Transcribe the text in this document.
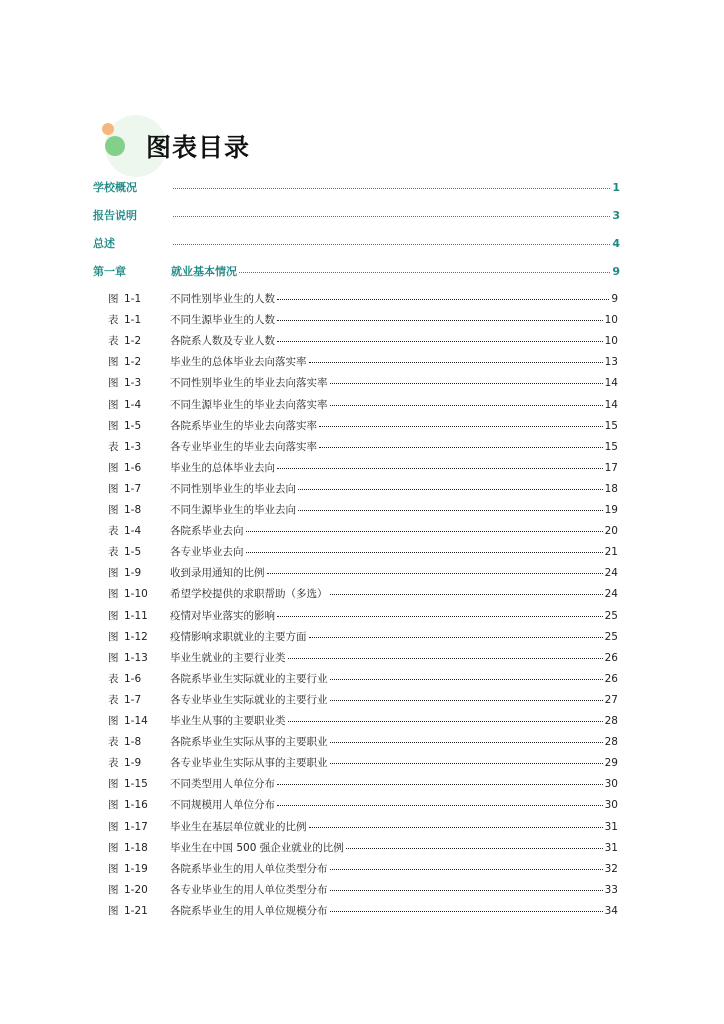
图表目录
学校概况	1
报告说明	3
总述	4
第一章	就业基本情况	9
图 1-1	不同性别毕业生的人数	9
表 1-1	不同生源毕业生的人数	10
表 1-2	各院系人数及专业人数	10
图 1-2	毕业生的总体毕业去向落实率	13
图 1-3	不同性别毕业生的毕业去向落实率	14
图 1-4	不同生源毕业生的毕业去向落实率	14
图 1-5	各院系毕业生的毕业去向落实率	15
表 1-3	各专业毕业生的毕业去向落实率	15
图 1-6	毕业生的总体毕业去向	17
图 1-7	不同性别毕业生的毕业去向	18
图 1-8	不同生源毕业生的毕业去向	19
表 1-4	各院系毕业去向	20
表 1-5	各专业毕业去向	21
图 1-9	收到录用通知的比例	24
图 1-10	希望学校提供的求职帮助（多选）	24
图 1-11	疫情对毕业落实的影响	25
图 1-12	疫情影响求职就业的主要方面	25
图 1-13	毕业生就业的主要行业类	26
表 1-6	各院系毕业生实际就业的主要行业	26
表 1-7	各专业毕业生实际就业的主要行业	27
图 1-14	毕业生从事的主要职业类	28
表 1-8	各院系毕业生实际从事的主要职业	28
表 1-9	各专业毕业生实际从事的主要职业	29
图 1-15	不同类型用人单位分布	30
图 1-16	不同规模用人单位分布	30
图 1-17	毕业生在基层单位就业的比例	31
图 1-18	毕业生在中国 500 强企业就业的比例	31
图 1-19	各院系毕业生的用人单位类型分布	32
图 1-20	各专业毕业生的用人单位类型分布	33
图 1-21	各院系毕业生的用人单位规模分布	34
